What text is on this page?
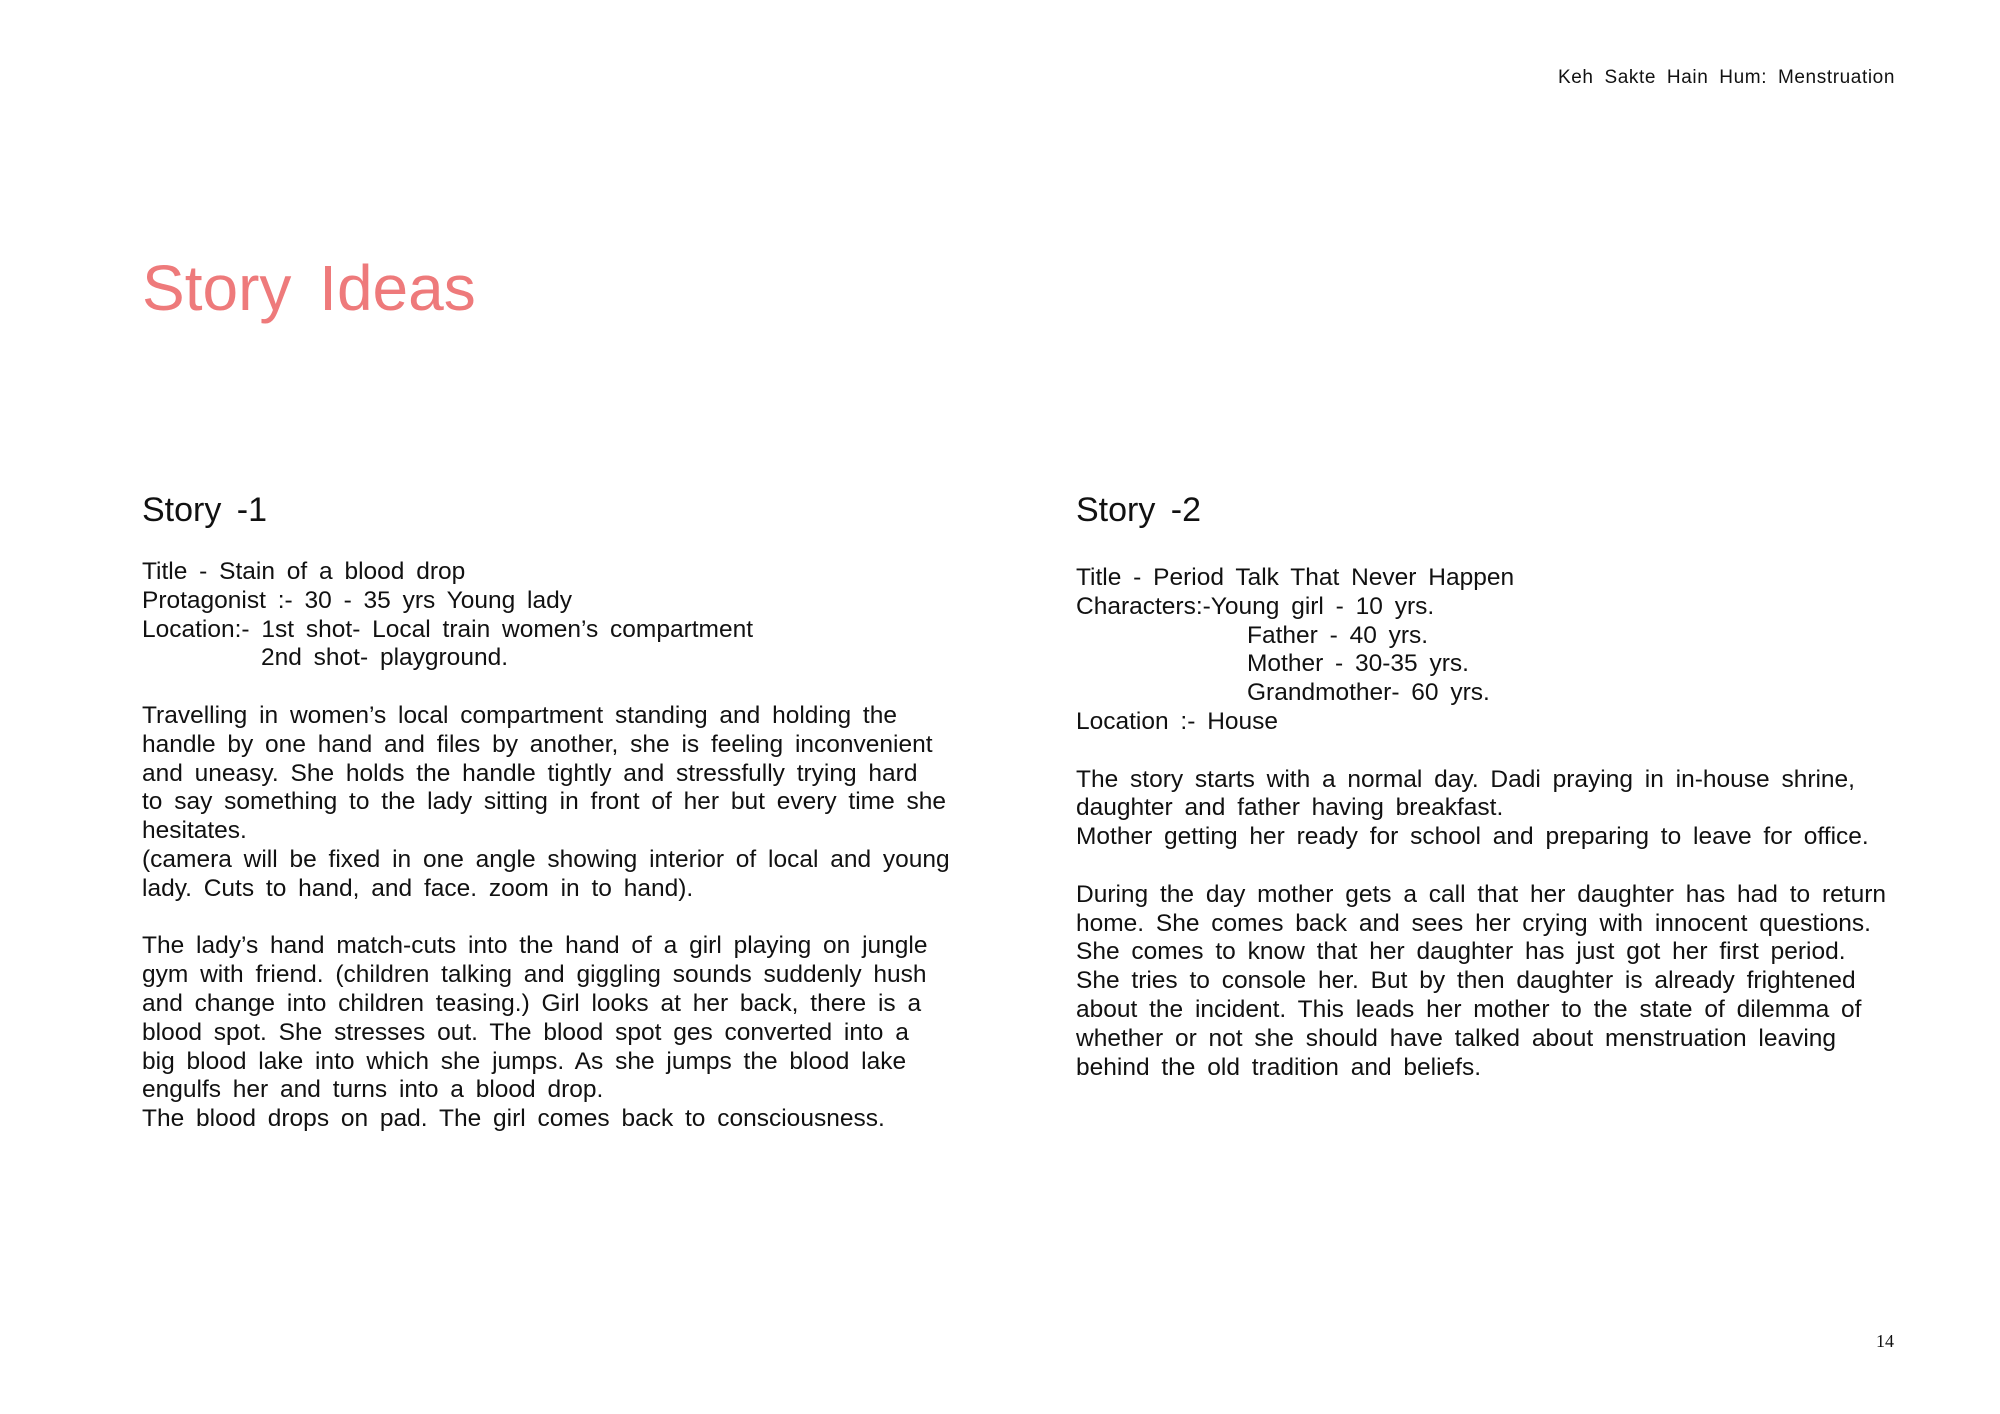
Keh Sakte Hain Hum: Menstruation
Story Ideas
Story -1
Title - Stain of a blood drop
Protagonist :- 30 - 35 yrs Young lady
Location:- 1st shot- Local train women’s compartment
2nd shot- playground.
Travelling in women’s local compartment standing and holding the
handle by one hand and files by another, she is feeling inconvenient
and uneasy. She holds the handle tightly and stressfully trying hard
to say something to the lady sitting in front of her but every time she
hesitates.
(camera will be fixed in one angle showing interior of local and young
lady. Cuts to hand, and face. zoom in to hand).
The lady’s hand match-cuts into the hand of a girl playing on jungle
gym with friend. (children talking and giggling sounds suddenly hush
and change into children teasing.) Girl looks at her back, there is a
blood spot. She stresses out. The blood spot ges converted into a
big blood lake into which she jumps. As she jumps the blood lake
engulfs her and turns into a blood drop.
The blood drops on pad. The girl comes back to consciousness.
Story -2
Title - Period Talk That Never Happen
Characters:-Young girl - 10 yrs.
Father - 40 yrs.
Mother - 30-35 yrs.
Grandmother- 60 yrs.
Location :- House
The story starts with a normal day. Dadi praying in in-house shrine,
daughter and father having breakfast.
Mother getting her ready for school and preparing to leave for office.
During the day mother gets a call that her daughter has had to return
home. She comes back and sees her crying with innocent questions.
She comes to know that her daughter has just got her first period.
She tries to console her. But by then daughter is already frightened
about the incident. This leads her mother to the state of dilemma of
whether or not she should have talked about menstruation leaving
behind the old tradition and beliefs.
14
